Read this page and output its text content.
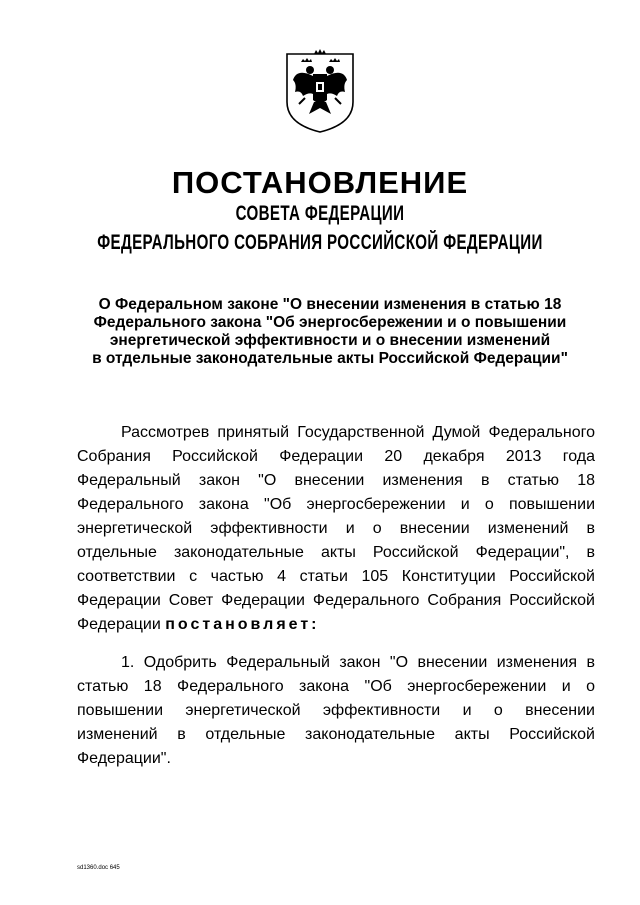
ПОСТАНОВЛЕНИЕ
СОВЕТА ФЕДЕРАЦИИ
ФЕДЕРАЛЬНОГО СОБРАНИЯ РОССИЙСКОЙ ФЕДЕРАЦИИ
О Федеральном законе "О внесении изменения в статью 18
Федерального закона "Об энергосбережении и о повышении
энергетической эффективности и о внесении изменений
в отдельные законодательные акты Российской Федерации"
Рассмотрев принятый Государственной Думой Федерального
Собрания Российской Федерации 20 декабря 2013 года
Федеральный закон "О внесении изменения в статью 18
Федерального закона "Об энергосбережении и о повышении
энергетической эффективности и о внесении изменений в
отдельные законодательные акты Российской Федерации", в
соответствии с частью 4 статьи 105 Конституции Российской
Федерации Совет Федерации Федерального Собрания Российской
Федерации постановляет:
1. Одобрить Федеральный закон "О внесении изменения в
статью 18 Федерального закона "Об энергосбережении и о
повышении энергетической эффективности и о внесении
изменений в отдельные законодательные акты Российской
Федерации".
sd1360.doc 645
